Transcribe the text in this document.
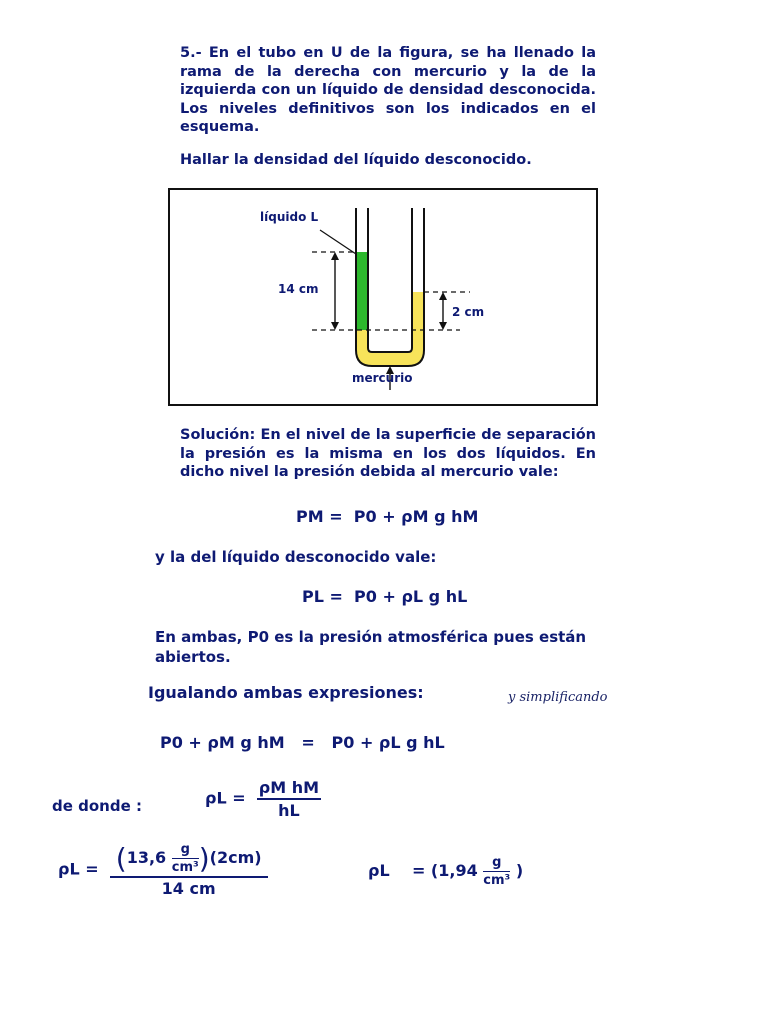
5.- En el tubo en U de la figura, se ha llenado la rama de la derecha con mercurio y la de la izquierda con un líquido de densidad desconocida. Los niveles definitivos son los indicados en el esquema.
Hallar la densidad del líquido desconocido.
líquido L
14 cm
2 cm
mercurio
Solución: En el nivel de la superficie de separación la presión es la misma en los dos líquidos. En dicho nivel la presión debida al mercurio vale:
PM = P0 + ρM g hM
y la del líquido desconocido vale:
PL = P0 + ρL g hL
En ambas, P0 es la presión atmosférica pues están abiertos.
Igualando ambas expresiones:	y simplificando
P0 + ρM g hM   =   P0 + ρL g hL
de donde :	$\rho L = \frac{\text{ρM hM}}{hL}$
$\rho L = \frac{(13,6 \frac{g}{\text{cm³}} )(2cm)}{14 cm}$	$\rho L = (1,94 \frac{g}{\text{cm³}}$ )
